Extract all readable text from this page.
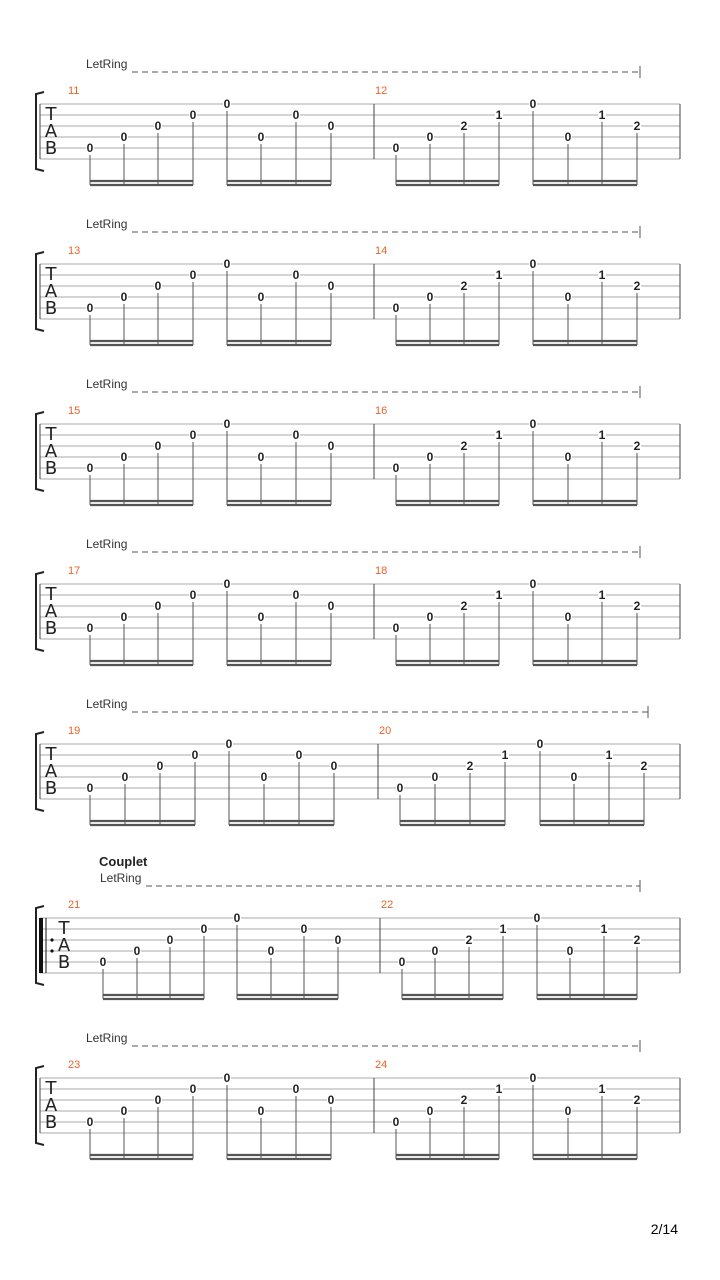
LetRing
T
A
B
11
0
0
0
0
0
0
0
0
12
0
0
2
1
0
0
1
2
LetRing
T
A
B
13
0
0
0
0
0
0
0
0
14
0
0
2
1
0
0
1
2
LetRing
T
A
B
15
0
0
0
0
0
0
0
0
16
0
0
2
1
0
0
1
2
LetRing
T
A
B
17
0
0
0
0
0
0
0
0
18
0
0
2
1
0
0
1
2
LetRing
T
A
B
19
0
0
0
0
0
0
0
0
20
0
0
2
1
0
0
1
2
Couplet
LetRing
T
A
B
21
0
0
0
0
0
0
0
0
22
0
0
2
1
0
0
1
2
LetRing
T
A
B
23
0
0
0
0
0
0
0
0
24
0
0
2
1
0
0
1
2
2/14
